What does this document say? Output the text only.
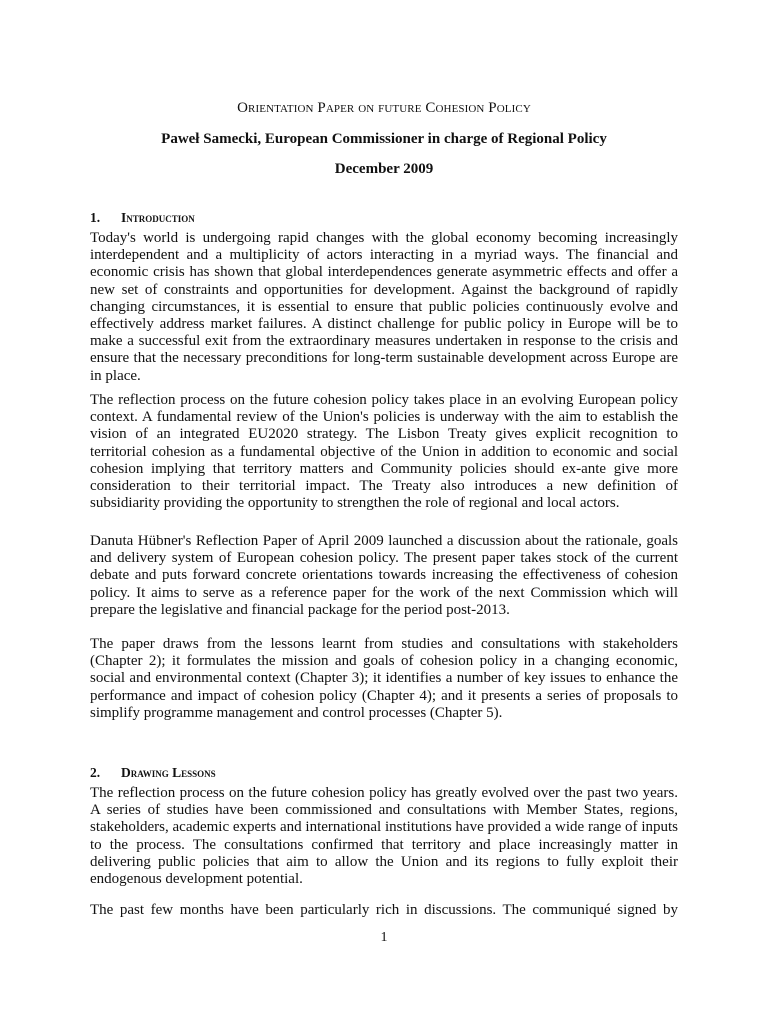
Orientation Paper on future Cohesion Policy
Paweł Samecki, European Commissioner in charge of Regional Policy
December 2009
1. Introduction

Today's world is undergoing rapid changes with the global economy becoming increasingly interdependent and a multiplicity of actors interacting in a myriad ways. The financial and economic crisis has shown that global interdependences generate asymmetric effects and offer a new set of constraints and opportunities for development. Against the background of rapidly changing circumstances, it is essential to ensure that public policies continuously evolve and effectively address market failures. A distinct challenge for public policy in Europe will be to make a successful exit from the extraordinary measures undertaken in response to the crisis and ensure that the necessary preconditions for long-term sustainable development across Europe are in place.

The reflection process on the future cohesion policy takes place in an evolving European policy context. A fundamental review of the Union's policies is underway with the aim to establish the vision of an integrated EU2020 strategy. The Lisbon Treaty gives explicit recognition to territorial cohesion as a fundamental objective of the Union in addition to economic and social cohesion implying that territory matters and Community policies should ex-ante give more consideration to their territorial impact. The Treaty also introduces a new definition of subsidiarity providing the opportunity to strengthen the role of regional and local actors.

Danuta Hübner's Reflection Paper of April 2009 launched a discussion about the rationale, goals and delivery system of European cohesion policy. The present paper takes stock of the current debate and puts forward concrete orientations towards increasing the effectiveness of cohesion policy. It aims to serve as a reference paper for the work of the next Commission which will prepare the legislative and financial package for the period post-2013.

The paper draws from the lessons learnt from studies and consultations with stakeholders (Chapter 2); it formulates the mission and goals of cohesion policy in a changing economic, social and environmental context (Chapter 3); it identifies a number of key issues to enhance the performance and impact of cohesion policy (Chapter 4); and it presents a series of proposals to simplify programme management and control processes (Chapter 5).

2. Drawing Lessons

The reflection process on the future cohesion policy has greatly evolved over the past two years. A series of studies have been commissioned and consultations with Member States, regions, stakeholders, academic experts and international institutions have provided a wide range of inputs to the process. The consultations confirmed that territory and place increasingly matter in delivering public policies that aim to allow the Union and its regions to fully exploit their endogenous development potential.

The past few months have been particularly rich in discussions. The communiqué signed by

1
